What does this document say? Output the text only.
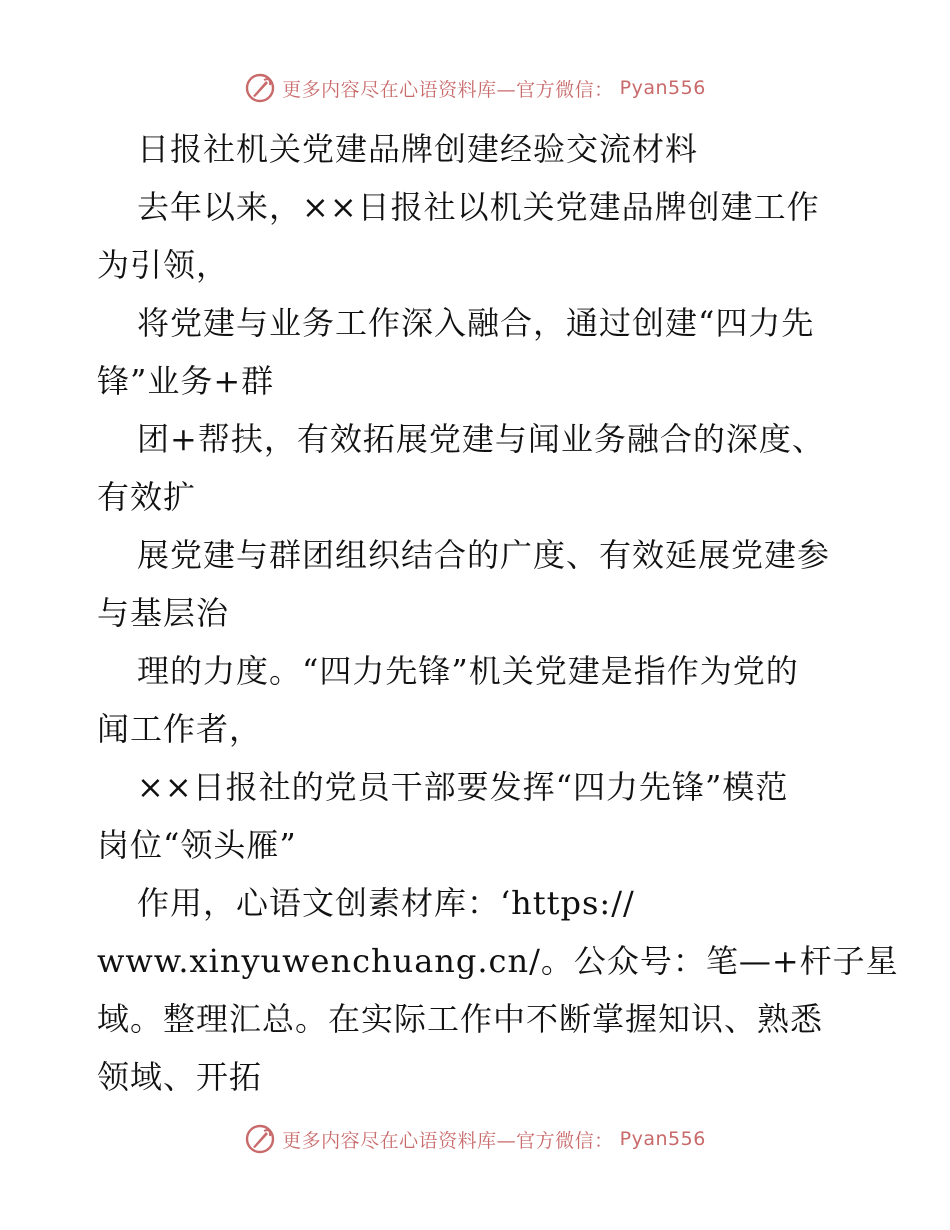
更多内容尽在心语资料库—官方微信： Pyan556
日报社机关党建品牌创建经验交流材料
去年以来，××日报社以机关党建品牌创建工作
为引领，
将党建与业务工作深入融合，通过创建“四力先
锋”业务+群
团+帮扶，有效拓展党建与闻业务融合的深度、
有效扩
展党建与群团组织结合的广度、有效延展党建参
与基层治
理的力度。“四力先锋”机关党建是指作为党的
闻工作者，
××日报社的党员干部要发挥“四力先锋”模范
岗位“领头雁”
作用，心语文创素材库：‘https://
www.xinyuwenchuang.cn/。公众号：笔—+杆子星
域。整理汇总。在实际工作中不断掌握知识、熟悉
领域、开拓
更多内容尽在心语资料库—官方微信： Pyan556
